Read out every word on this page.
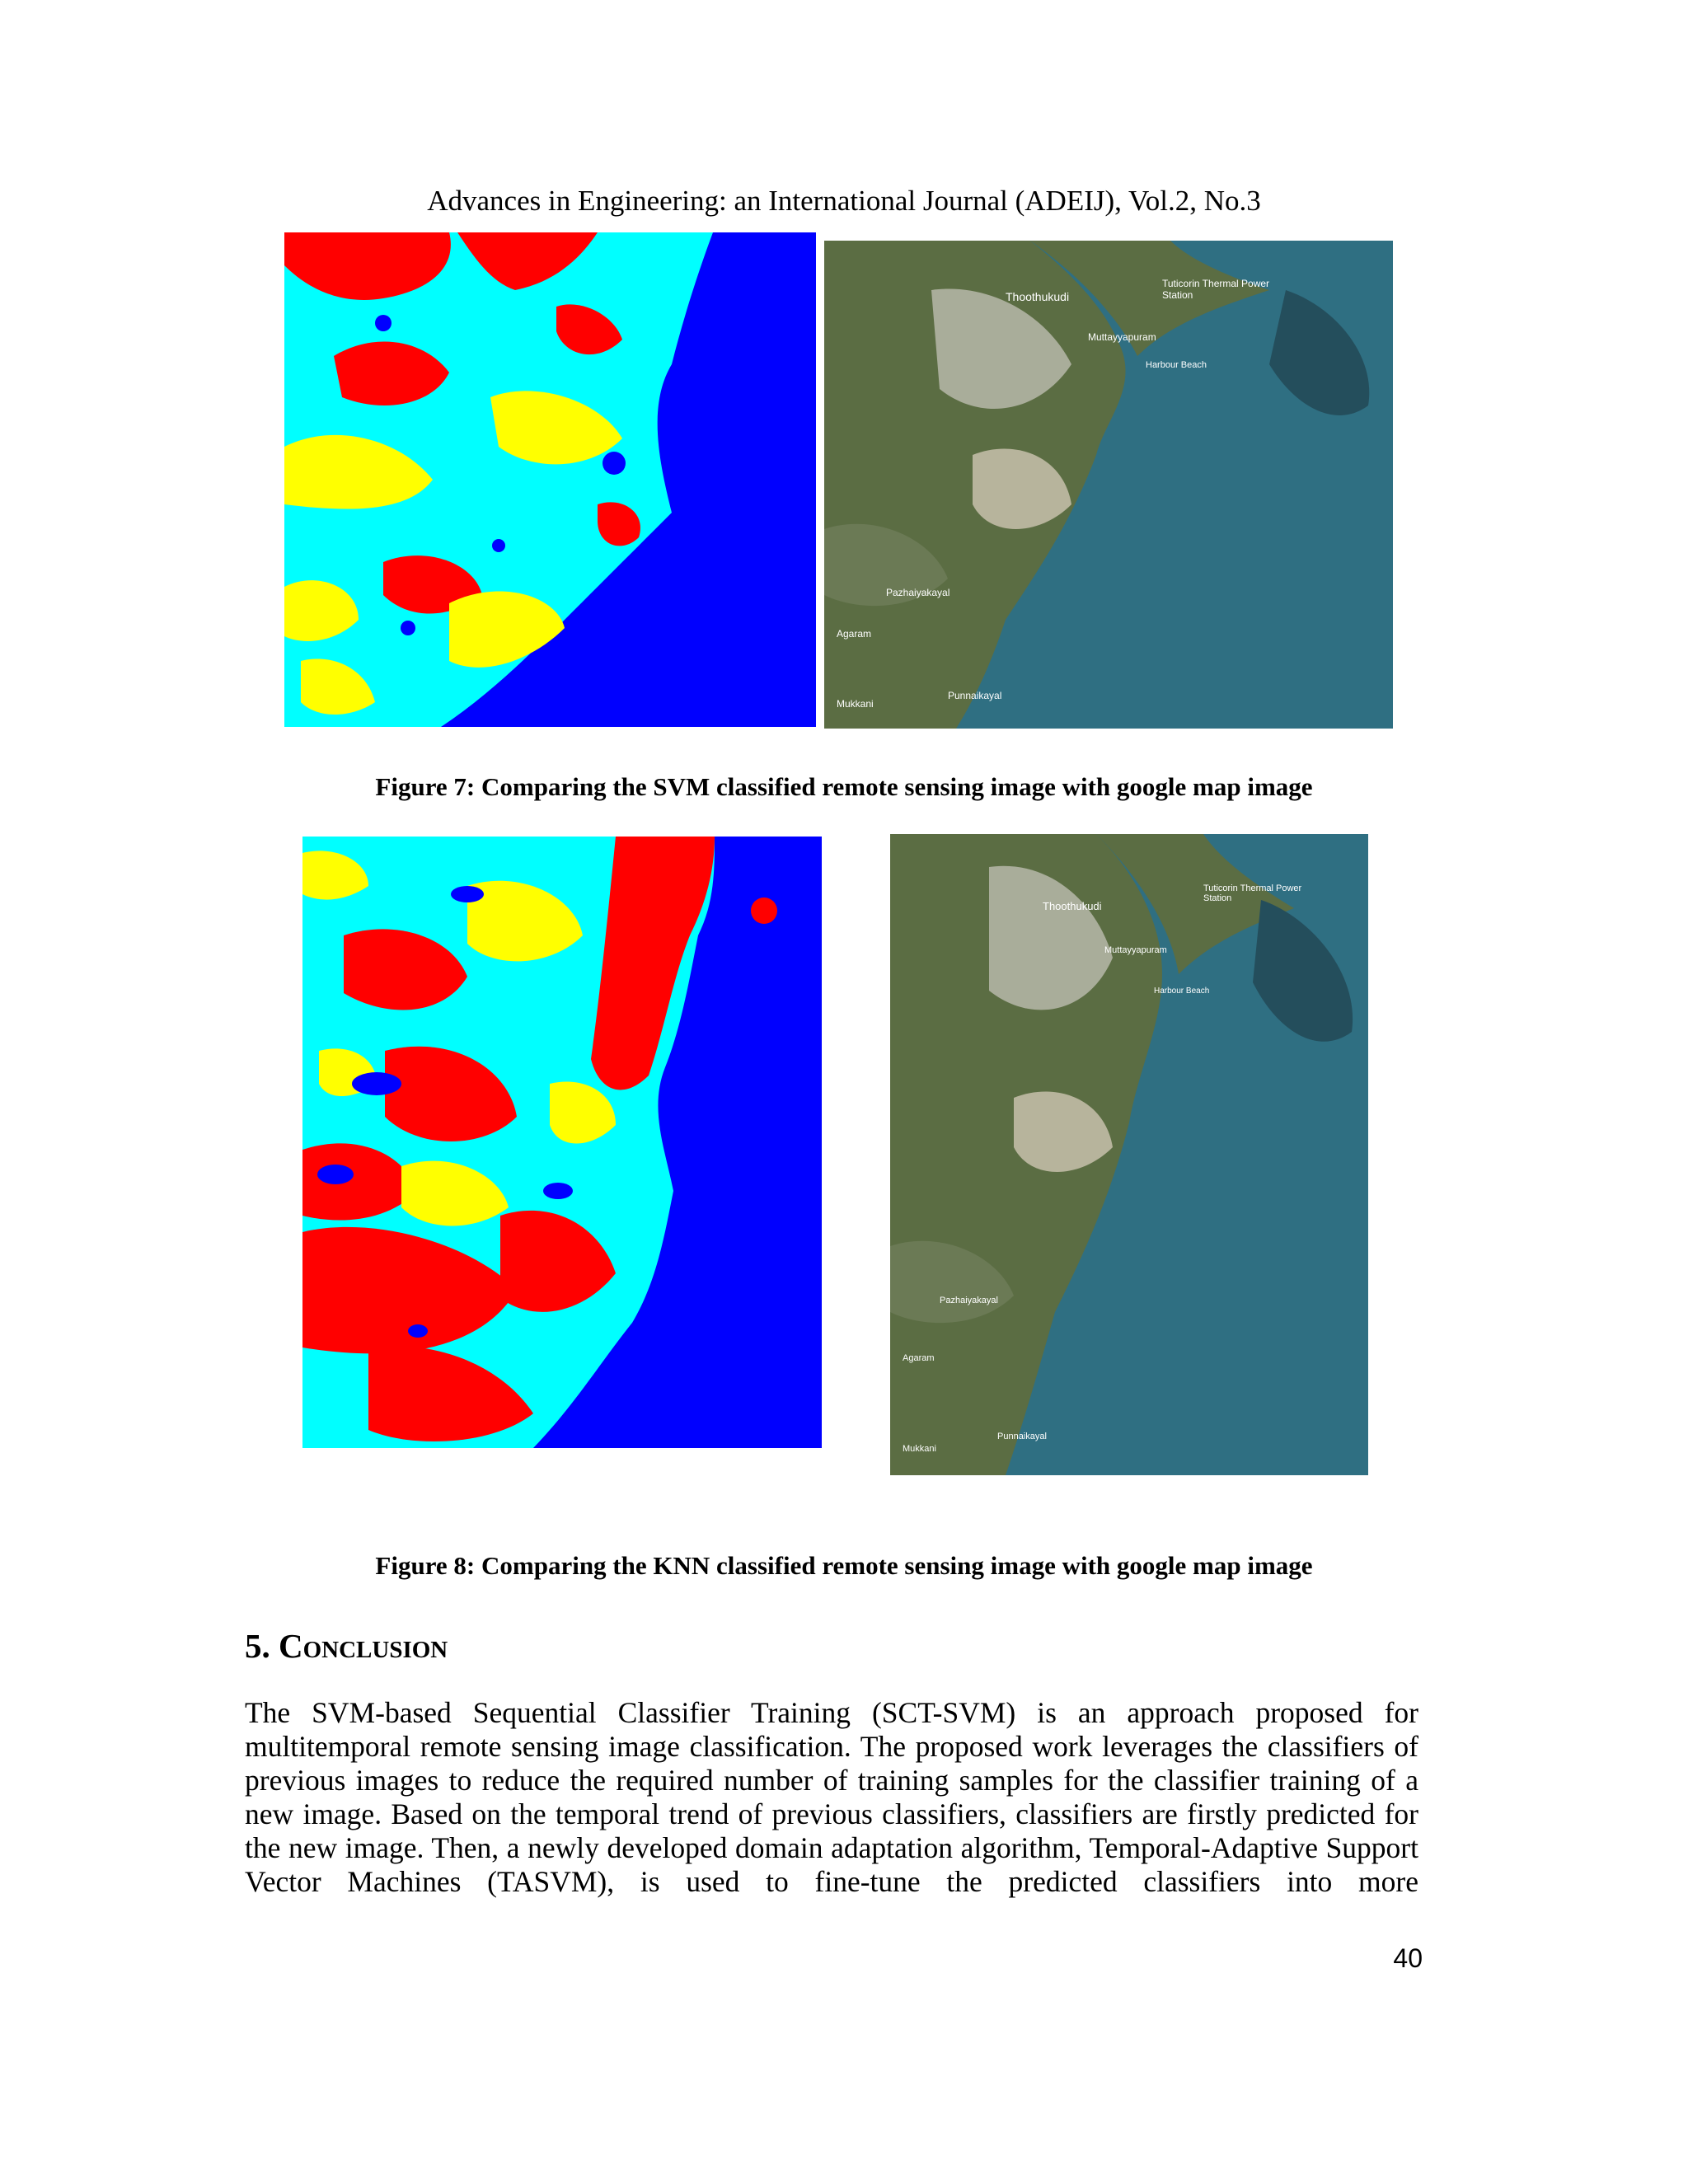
Advances in Engineering: an International Journal (ADEIJ), Vol.2, No.3
Thoothukudi
Tuticorin Thermal Power Station
Muttayyapuram
Harbour Beach
Pazhaiyakayal
Agaram
Mukkani
Punnaikayal
Figure 7: Comparing the SVM classified remote sensing image with google map image
Thoothukudi
Tuticorin Thermal Power Station
Muttayyapuram
Harbour Beach
Pazhaiyakayal
Agaram
Mukkani
Punnaikayal
Figure 8: Comparing the KNN classified remote sensing image with google map image
5. Conclusion

The SVM-based Sequential Classifier Training (SCT-SVM) is an approach proposed for multitemporal remote sensing image classification. The proposed work leverages the classifiers of previous images to reduce the required number of training samples for the classifier training of a new image. Based on the temporal trend of previous classifiers, classifiers are firstly predicted for the new image. Then, a newly developed domain adaptation algorithm, Temporal-Adaptive Support Vector Machines (TASVM), is used to fine-tune the predicted classifiers into more

40
